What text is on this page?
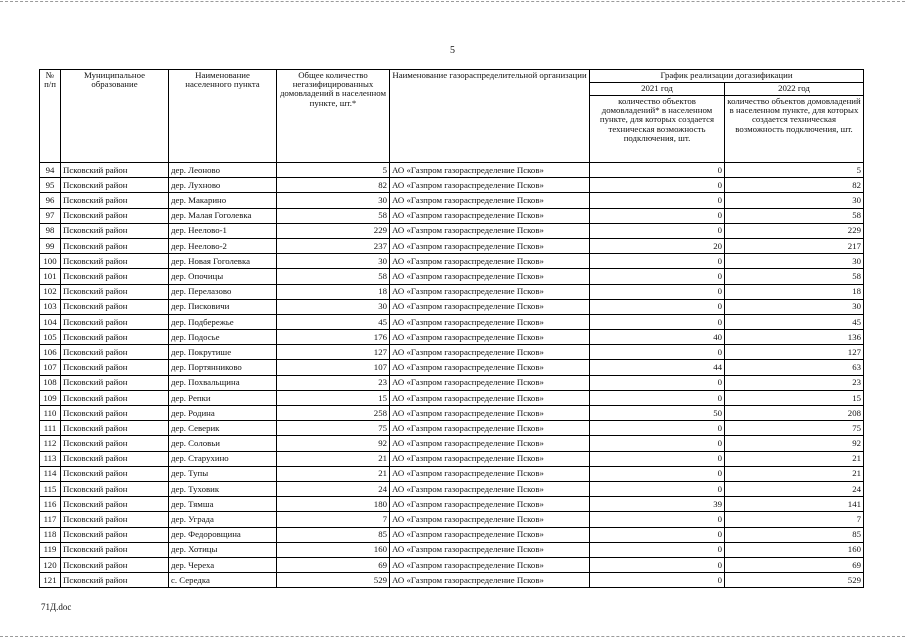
5
№ п/п	Муниципальное образование	Наименование населенного пункта	Общее количество негазифицированных домовладений в населенном пункте, шт.*	Наименование газораспределительной организации	График реализации догазификации	
					2021 год	2022 год
					количество объектов домовладений* в населенном пункте, для которых создается техническая возможность подключения, шт.	количество объектов домовладений в населенном пункте, для которых создается техническая возможность подключения, шт.
94	Псковский район	дер. Леоново	5	АО «Газпром газораспределение Псков»	0	5
95	Псковский район	дер. Лухново	82	АО «Газпром газораспределение Псков»	0	82
96	Псковский район	дер. Макарино	30	АО «Газпром газораспределение Псков»	0	30
97	Псковский район	дер. Малая Гоголевка	58	АО «Газпром газораспределение Псков»	0	58
98	Псковский район	дер. Неелово-1	229	АО «Газпром газораспределение Псков»	0	229
99	Псковский район	дер. Неелово-2	237	АО «Газпром газораспределение Псков»	20	217
100	Псковский район	дер. Новая Гоголевка	30	АО «Газпром газораспределение Псков»	0	30
101	Псковский район	дер. Опочицы	58	АО «Газпром газораспределение Псков»	0	58
102	Псковский район	дер. Перелазово	18	АО «Газпром газораспределение Псков»	0	18
103	Псковский район	дер. Писковичи	30	АО «Газпром газораспределение Псков»	0	30
104	Псковский район	дер. Подбережье	45	АО «Газпром газораспределение Псков»	0	45
105	Псковский район	дер. Подосье	176	АО «Газпром газораспределение Псков»	40	136
106	Псковский район	дер. Покрутише	127	АО «Газпром газораспределение Псков»	0	127
107	Псковский район	дер. Портянниково	107	АО «Газпром газораспределение Псков»	44	63
108	Псковский район	дер. Похвальщина	23	АО «Газпром газораспределение Псков»	0	23
109	Псковский район	дер. Репки	15	АО «Газпром газораспределение Псков»	0	15
110	Псковский район	дер. Родина	258	АО «Газпром газораспределение Псков»	50	208
111	Псковский район	дер. Северик	75	АО «Газпром газораспределение Псков»	0	75
112	Псковский район	дер. Соловьи	92	АО «Газпром газораспределение Псков»	0	92
113	Псковский район	дер. Старухино	21	АО «Газпром газораспределение Псков»	0	21
114	Псковский район	дер. Тупы	21	АО «Газпром газораспределение Псков»	0	21
115	Псковский район	дер. Туховик	24	АО «Газпром газораспределение Псков»	0	24
116	Псковский район	дер. Тямша	180	АО «Газпром газораспределение Псков»	39	141
117	Псковский район	дер. Уграда	7	АО «Газпром газораспределение Псков»	0	7
118	Псковский район	дер. Федоровщина	85	АО «Газпром газораспределение Псков»	0	85
119	Псковский район	дер. Хотицы	160	АО «Газпром газораспределение Псков»	0	160
120	Псковский район	дер. Череха	69	АО «Газпром газораспределение Псков»	0	69
121	Псковский район	с. Середка	529	АО «Газпром газораспределение Псков»	0	529
71Д.doc
